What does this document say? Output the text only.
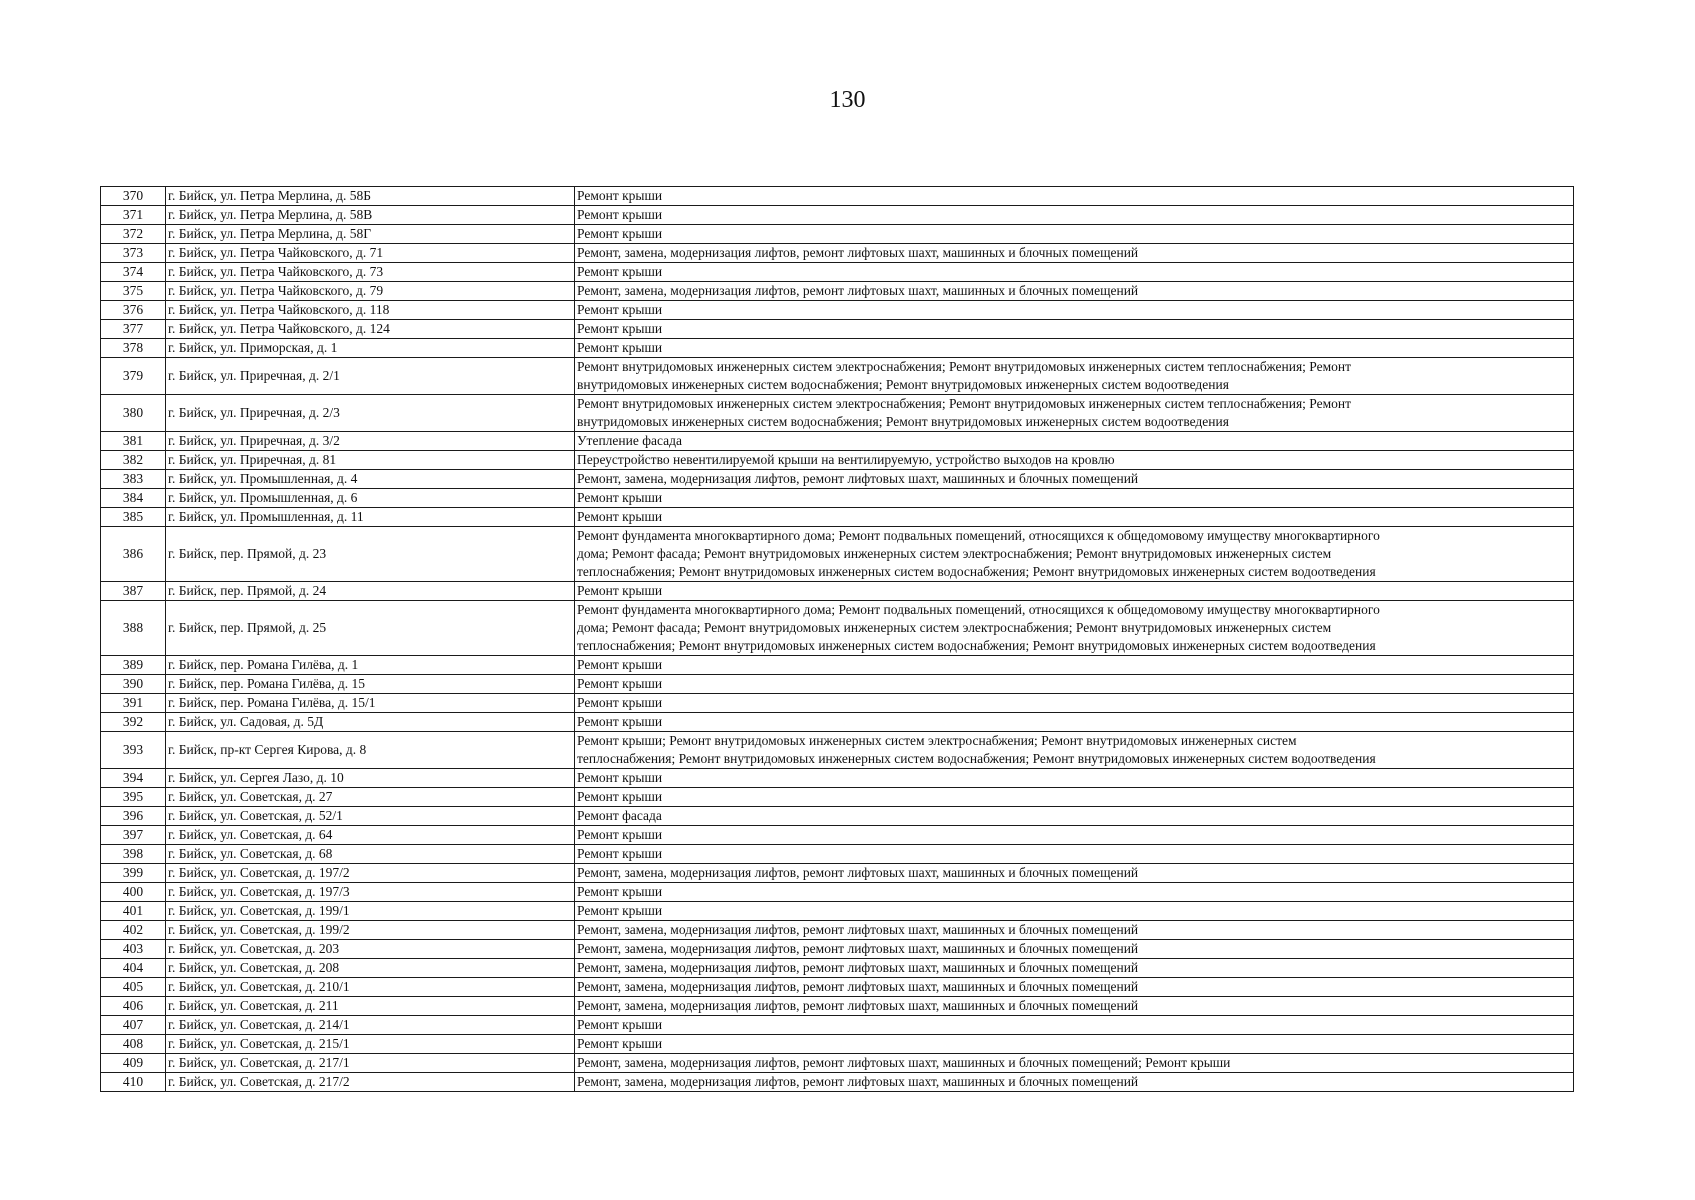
130
370	г. Бийск, ул. Петра Мерлина, д. 58Б	Ремонт крыши

371	г. Бийск, ул. Петра Мерлина, д. 58В	Ремонт крыши

372	г. Бийск, ул. Петра Мерлина, д. 58Г	Ремонт крыши

373	г. Бийск, ул. Петра Чайковского, д. 71	Ремонт, замена, модернизация лифтов, ремонт лифтовых шахт, машинных и блочных помещений

374	г. Бийск, ул. Петра Чайковского, д. 73	Ремонт крыши

375	г. Бийск, ул. Петра Чайковского, д. 79	Ремонт, замена, модернизация лифтов, ремонт лифтовых шахт, машинных и блочных помещений

376	г. Бийск, ул. Петра Чайковского, д. 118	Ремонт крыши

377	г. Бийск, ул. Петра Чайковского, д. 124	Ремонт крыши

378	г. Бийск, ул. Приморская, д. 1	Ремонт крыши

379	г. Бийск, ул. Приречная, д. 2/1	Ремонт внутридомовых инженерных систем электроснабжения; Ремонт внутридомовых инженерных систем теплоснабжения; Ремонт
внутридомовых инженерных систем водоснабжения; Ремонт внутридомовых инженерных систем водоотведения

380	г. Бийск, ул. Приречная, д. 2/3	Ремонт внутридомовых инженерных систем электроснабжения; Ремонт внутридомовых инженерных систем теплоснабжения; Ремонт
внутридомовых инженерных систем водоснабжения; Ремонт внутридомовых инженерных систем водоотведения

381	г. Бийск, ул. Приречная, д. 3/2	Утепление фасада

382	г. Бийск, ул. Приречная, д. 81	Переустройство невентилируемой крыши на вентилируемую, устройство выходов на кровлю

383	г. Бийск, ул. Промышленная, д. 4	Ремонт, замена, модернизация лифтов, ремонт лифтовых шахт, машинных и блочных помещений

384	г. Бийск, ул. Промышленная, д. 6	Ремонт крыши

385	г. Бийск, ул. Промышленная, д. 11	Ремонт крыши

386	г. Бийск, пер. Прямой, д. 23	Ремонт фундамента многоквартирного дома; Ремонт подвальных помещений, относящихся к общедомовому имуществу многоквартирного
дома; Ремонт фасада; Ремонт внутридомовых инженерных систем электроснабжения; Ремонт внутридомовых инженерных систем
теплоснабжения; Ремонт внутридомовых инженерных систем водоснабжения; Ремонт внутридомовых инженерных систем водоотведения

387	г. Бийск, пер. Прямой, д. 24	Ремонт крыши

388	г. Бийск, пер. Прямой, д. 25	Ремонт фундамента многоквартирного дома; Ремонт подвальных помещений, относящихся к общедомовому имуществу многоквартирного
дома; Ремонт фасада; Ремонт внутридомовых инженерных систем электроснабжения; Ремонт внутридомовых инженерных систем
теплоснабжения; Ремонт внутридомовых инженерных систем водоснабжения; Ремонт внутридомовых инженерных систем водоотведения

389	г. Бийск, пер. Романа Гилёва, д. 1	Ремонт крыши

390	г. Бийск, пер. Романа Гилёва, д. 15	Ремонт крыши

391	г. Бийск, пер. Романа Гилёва, д. 15/1	Ремонт крыши

392	г. Бийск, ул. Садовая, д. 5Д	Ремонт крыши

393	г. Бийск, пр-кт Сергея Кирова, д. 8	Ремонт крыши; Ремонт внутридомовых инженерных систем электроснабжения; Ремонт внутридомовых инженерных систем
теплоснабжения; Ремонт внутридомовых инженерных систем водоснабжения; Ремонт внутридомовых инженерных систем водоотведения

394	г. Бийск, ул. Сергея Лазо, д. 10	Ремонт крыши

395	г. Бийск, ул. Советская, д. 27	Ремонт крыши

396	г. Бийск, ул. Советская, д. 52/1	Ремонт фасада

397	г. Бийск, ул. Советская, д. 64	Ремонт крыши

398	г. Бийск, ул. Советская, д. 68	Ремонт крыши

399	г. Бийск, ул. Советская, д. 197/2	Ремонт, замена, модернизация лифтов, ремонт лифтовых шахт, машинных и блочных помещений

400	г. Бийск, ул. Советская, д. 197/3	Ремонт крыши

401	г. Бийск, ул. Советская, д. 199/1	Ремонт крыши

402	г. Бийск, ул. Советская, д. 199/2	Ремонт, замена, модернизация лифтов, ремонт лифтовых шахт, машинных и блочных помещений

403	г. Бийск, ул. Советская, д. 203	Ремонт, замена, модернизация лифтов, ремонт лифтовых шахт, машинных и блочных помещений

404	г. Бийск, ул. Советская, д. 208	Ремонт, замена, модернизация лифтов, ремонт лифтовых шахт, машинных и блочных помещений

405	г. Бийск, ул. Советская, д. 210/1	Ремонт, замена, модернизация лифтов, ремонт лифтовых шахт, машинных и блочных помещений

406	г. Бийск, ул. Советская, д. 211	Ремонт, замена, модернизация лифтов, ремонт лифтовых шахт, машинных и блочных помещений

407	г. Бийск, ул. Советская, д. 214/1	Ремонт крыши

408	г. Бийск, ул. Советская, д. 215/1	Ремонт крыши

409	г. Бийск, ул. Советская, д. 217/1	Ремонт, замена, модернизация лифтов, ремонт лифтовых шахт, машинных и блочных помещений; Ремонт крыши

410	г. Бийск, ул. Советская, д. 217/2	Ремонт, замена, модернизация лифтов, ремонт лифтовых шахт, машинных и блочных помещений
